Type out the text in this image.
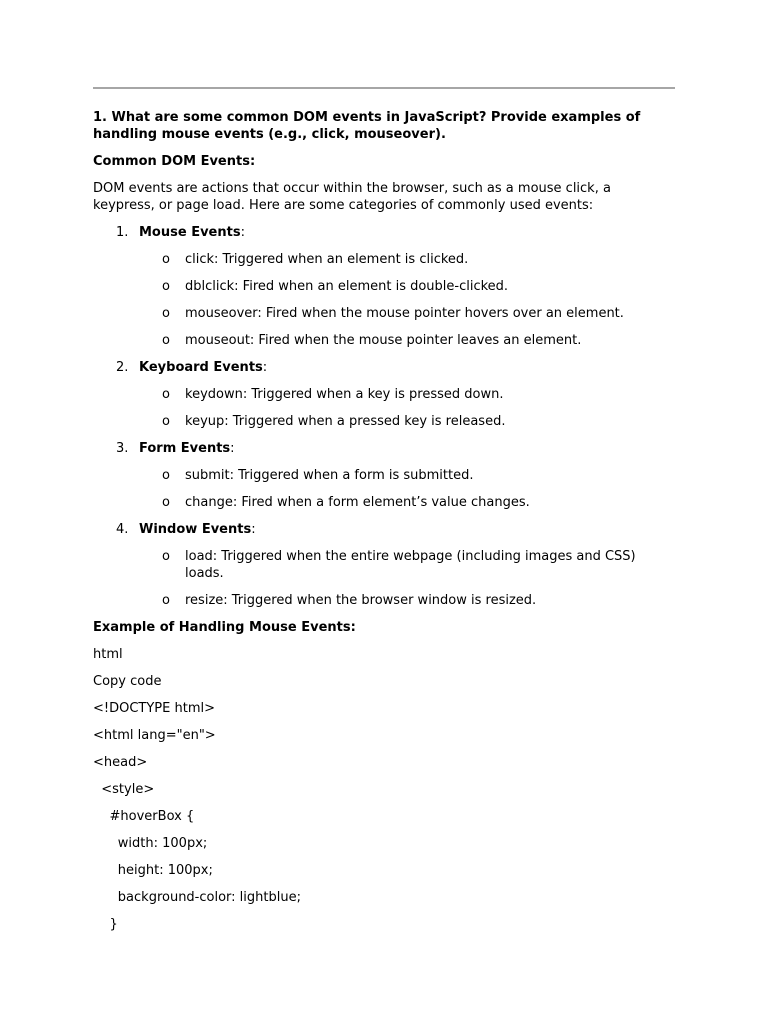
1. What are some common DOM events in JavaScript? Provide examples of handling mouse events (e.g., click, mouseover).

Common DOM Events:

DOM events are actions that occur within the browser, such as a mouse click, a keypress, or page load. Here are some categories of commonly used events:

1. Mouse Events:
o click: Triggered when an element is clicked.
o dblclick: Fired when an element is double-clicked.
o mouseover: Fired when the mouse pointer hovers over an element.
o mouseout: Fired when the mouse pointer leaves an element.
2. Keyboard Events:
o keydown: Triggered when a key is pressed down.
o keyup: Triggered when a pressed key is released.
3. Form Events:
o submit: Triggered when a form is submitted.
o change: Fired when a form element’s value changes.
4. Window Events:
o load: Triggered when the entire webpage (including images and CSS) loads.
o resize: Triggered when the browser window is resized.

Example of Handling Mouse Events:

html

Copy code

<!DOCTYPE html>

<html lang="en">

<head>

<style>

#hoverBox {

width: 100px;

height: 100px;

background-color: lightblue;

}
